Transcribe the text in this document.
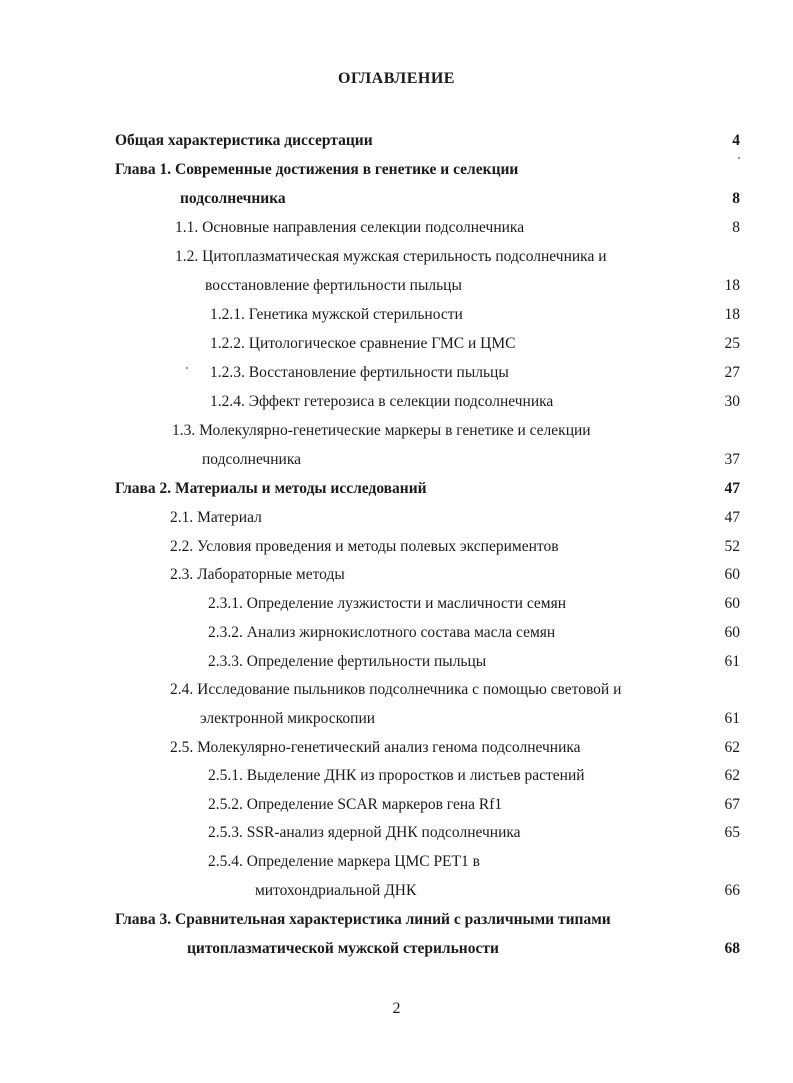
ОГЛАВЛЕНИЕ
Общая характеристика диссертации	4
Глава 1. Современные достижения в генетике и селекции
подсолнечника	8
1.1. Основные направления селекции подсолнечника	8
1.2. Цитоплазматическая мужская стерильность подсолнечника и
восстановление фертильности пыльцы	18
1.2.1. Генетика мужской стерильности	18
1.2.2. Цитологическое сравнение ГМС и ЦМС	25
1.2.3. Восстановление фертильности пыльцы	27
1.2.4. Эффект гетерозиса в селекции подсолнечника	30
1.3. Молекулярно-генетические маркеры в генетике и селекции
подсолнечника	37
Глава 2. Материалы и методы исследований	47
2.1. Материал	47
2.2. Условия проведения и методы полевых экспериментов	52
2.3. Лабораторные методы	60
2.3.1. Определение лузжистости и масличности семян	60
2.3.2. Анализ жирнокислотного состава масла семян	60
2.3.3. Определение фертильности пыльцы	61
2.4. Исследование пыльников подсолнечника с помощью световой и
электронной микроскопии	61
2.5. Молекулярно-генетический анализ генома подсолнечника	62
2.5.1. Выделение ДНК из проростков и листьев растений	62
2.5.2. Определение SCAR маркеров гена Rf1	67
2.5.3. SSR-анализ ядерной ДНК подсолнечника	65
2.5.4. Определение маркера ЦМС PET1 в
митохондриальной ДНК	66
Глава 3. Сравнительная характеристика линий с различными типами
цитоплазматической мужской стерильности	68
2
